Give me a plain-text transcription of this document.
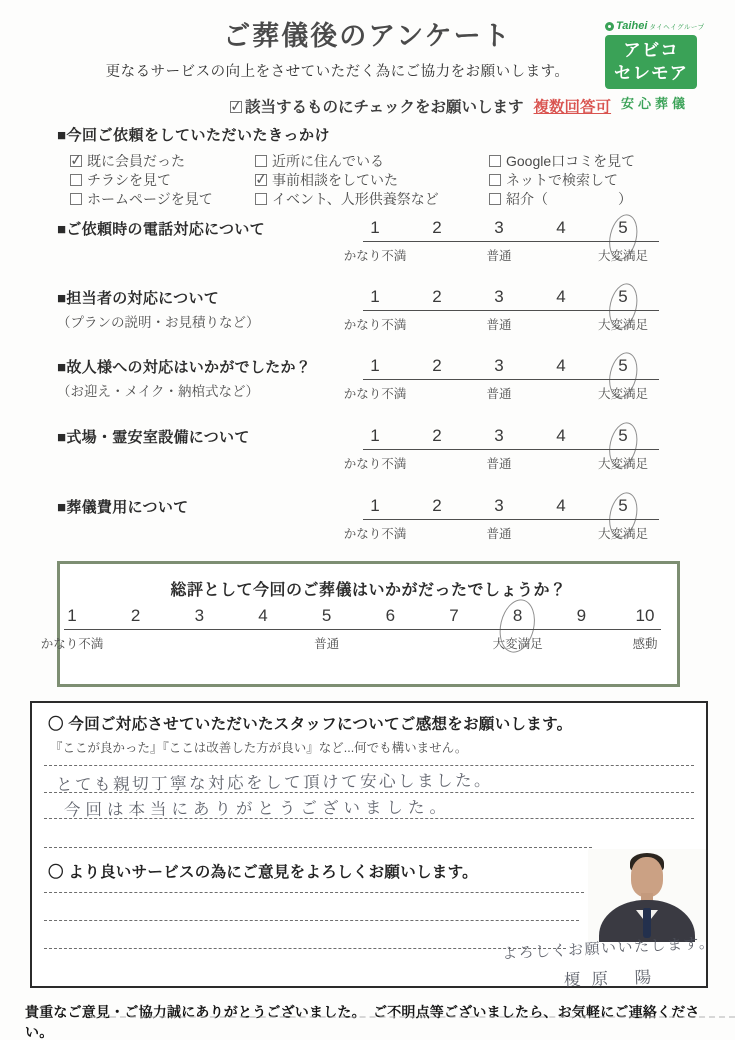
ご葬儀後のアンケート	Taihei タイヘイグループ
アビコ
セレモア
安心葬儀

更なるサービスの向上をさせていただく為にご協力をお願いします。

✓該当するものにチェックをお願いします 複数回答可
■今回ご依頼をしていただいたきっかけ
✓
既に会員だった
チラシを見て
ホームページを見て
近所に住んでいる
✓
事前相談をしていた
イベント、人形供養祭など
Google口コミを見て
ネットで検索して
紹介（　　　　　）
■ご依頼時の電話対応について	1	2	3	4	5
かなり不満	普通	大変満足
■担当者の対応について
（プランの説明・お見積りなど）
1	2	3	4	5
かなり不満	普通	大変満足
■故人様への対応はいかがでしたか？
（お迎え・メイク・納棺式など）
1	2	3	4	5
かなり不満	普通	大変満足
■式場・霊安室設備について	1	2	3	4	5
かなり不満	普通	大変満足
■葬儀費用について	1	2	3	4	5
かなり不満	普通	大変満足
総評として今回のご葬儀はいかがだったでしょうか？
1	2	3	4	5	6	7	8	9	10
かなり不満	普通	大変満足	感動
〇 今回ご対応させていただいたスタッフについてご感想をお願いします。
『ここが良かった』『ここは改善した方が良い』など...何でも構いません。
とても親切丁寧な対応をして頂けて安心しました。
今回は本当にありがとうございました。
〇 より良いサービスの為にご意見をよろしくお願いします。
よろしくお願いいたします。
榎原 陽
貴重なご意見・ご協力誠にありがとうございました。　ご不明点等ございましたら、お気軽にご連絡ください。
